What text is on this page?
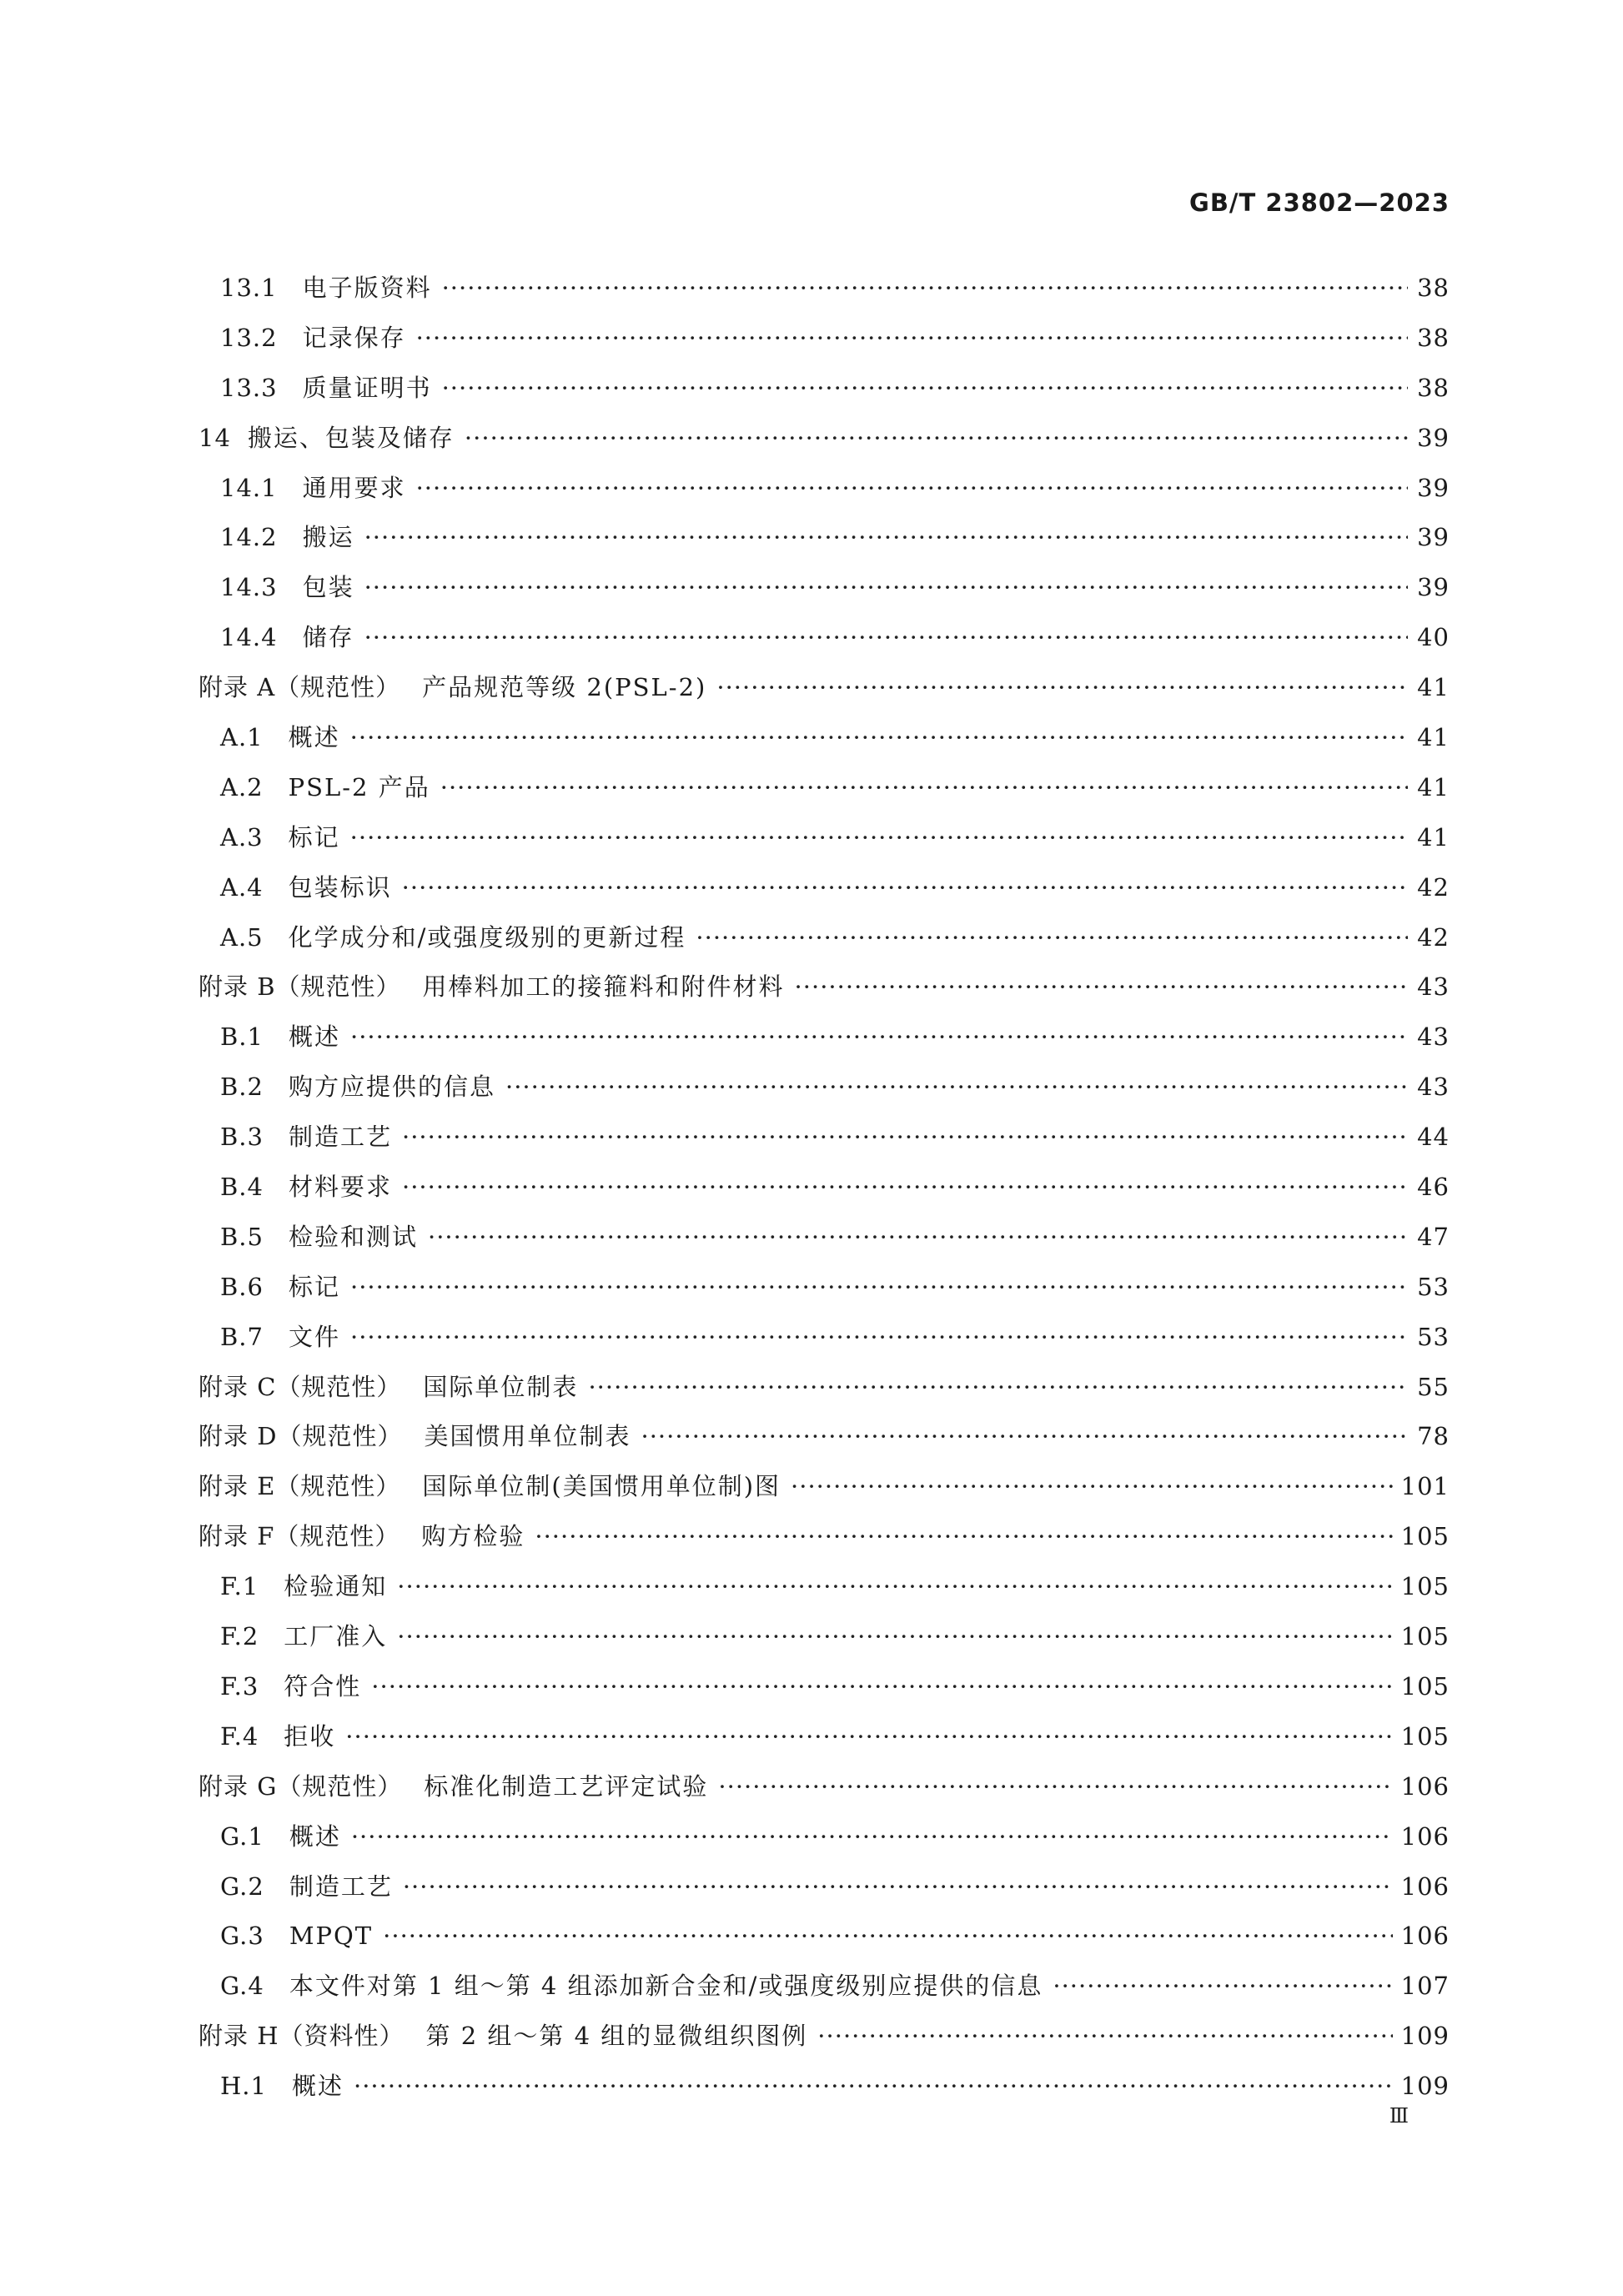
GB/T 23802—2023
13.1 电子版资料 ·····	38
13.2 记录保存 ·····	38
13.3 质量证明书 ·····	38
14 搬运、包装及储存 ·····	39
14.1 通用要求 ·····	39
14.2 搬运 ·····	39
14.3 包装 ·····	39
14.4 储存 ·····	40
附录 A（规范性） 产品规范等级 2(PSL-2) ·····	41
A.1 概述 ·····	41
A.2 PSL-2 产品 ·····	41
A.3 标记 ·····	41
A.4 包装标识 ·····	42
A.5 化学成分和/或强度级别的更新过程 ·····	42
附录 B（规范性） 用棒料加工的接箍料和附件材料 ·····	43
B.1 概述 ·····	43
B.2 购方应提供的信息 ·····	43
B.3 制造工艺 ·····	44
B.4 材料要求 ·····	46
B.5 检验和测试 ·····	47
B.6 标记 ·····	53
B.7 文件 ·····	53
附录 C（规范性） 国际单位制表 ·····	55
附录 D（规范性） 美国惯用单位制表 ·····	78
附录 E（规范性） 国际单位制(美国惯用单位制)图 ·····	101
附录 F（规范性） 购方检验 ·····	105
F.1 检验通知 ·····	105
F.2 工厂准入 ·····	105
F.3 符合性 ·····	105
F.4 拒收 ·····	105
附录 G（规范性） 标准化制造工艺评定试验 ·····	106
G.1 概述 ·····	106
G.2 制造工艺 ·····	106
G.3 MPQT ·····	106
G.4 本文件对第 1 组～第 4 组添加新合金和/或强度级别应提供的信息 ·····	107
附录 H（资料性） 第 2 组～第 4 组的显微组织图例 ·····	109
H.1 概述 ·····	109
Ⅲ
